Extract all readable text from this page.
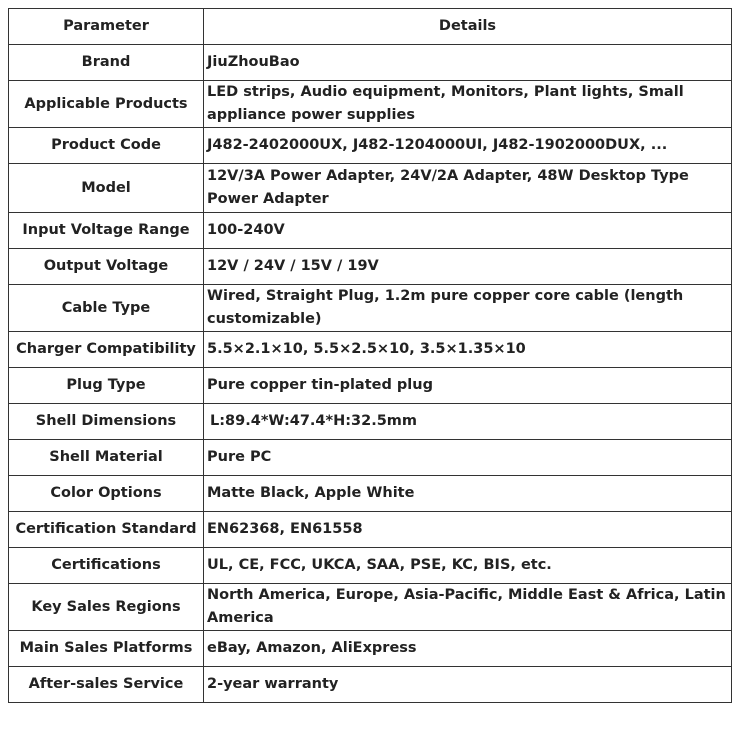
Parameter	Details
Brand	JiuZhouBao
Applicable Products	LED strips, Audio equipment, Monitors, Plant lights, Small appliance power supplies
Product Code	J482-2402000UX, J482-1204000UI, J482-1902000DUX, ...
Model	12V/3A Power Adapter, 24V/2A Adapter, 48W Desktop Type Power Adapter
Input Voltage Range	100-240V
Output Voltage	12V / 24V / 15V / 19V
Cable Type	Wired, Straight Plug, 1.2m pure copper core cable (length customizable)
Charger Compatibility	5.5×2.1×10, 5.5×2.5×10, 3.5×1.35×10
Plug Type	Pure copper tin-plated plug
Shell Dimensions	L:89.4*W:47.4*H:32.5mm
Shell Material	Pure PC
Color Options	Matte Black, Apple White
Certification Standard	EN62368, EN61558
Certifications	UL, CE, FCC, UKCA, SAA, PSE, KC, BIS, etc.
Key Sales Regions	North America, Europe, Asia-Pacific, Middle East & Africa, Latin America
Main Sales Platforms	eBay, Amazon, AliExpress
After-sales Service	2-year warranty
